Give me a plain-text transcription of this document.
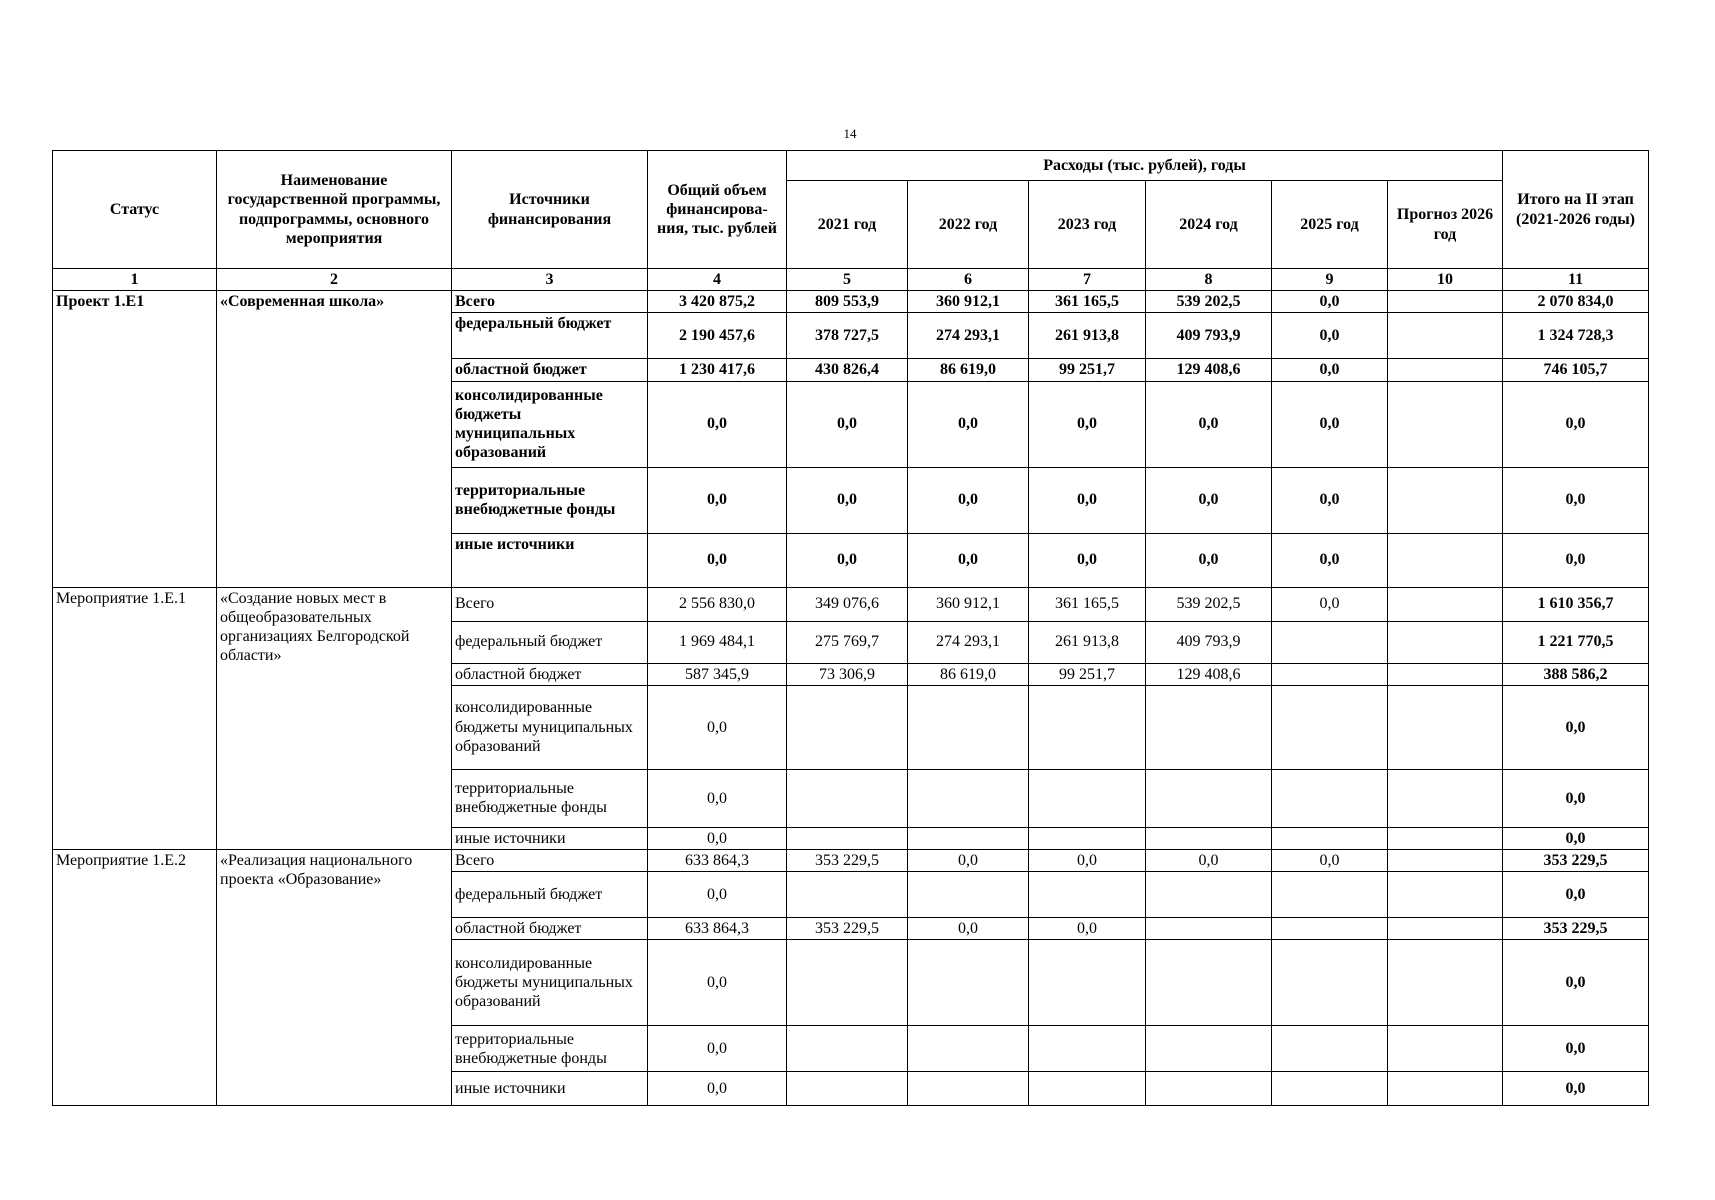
14
Статус	Наименование государственной программы, подпрограммы, основного мероприятия	Источники финансирования	Общий объем финансирова-ния, тыс. рублей	Расходы (тыс. рублей), годы						Итого на II этап (2021-2026 годы)
				2021 год	2022 год	2023 год	2024 год	2025 год	Прогноз 2026 год	
1	2	3	4	5	6	7	8	9	10	11
Проект 1.Е1	«Современная школа»	Всего	3 420 875,2	809 553,9	360 912,1	361 165,5	539 202,5	0,0		2 070 834,0
		федеральный бюджет	2 190 457,6	378 727,5	274 293,1	261 913,8	409 793,9	0,0		1 324 728,3
		областной бюджет	1 230 417,6	430 826,4	86 619,0	99 251,7	129 408,6	0,0		746 105,7
		консолидированные бюджеты муниципальных образований	0,0	0,0	0,0	0,0	0,0	0,0		0,0
		территориальные внебюджетные фонды	0,0	0,0	0,0	0,0	0,0	0,0		0,0
		иные источники	0,0	0,0	0,0	0,0	0,0	0,0		0,0
Мероприятие 1.Е.1	«Создание новых мест в общеобразовательных организациях Белгородской области»	Всего	2 556 830,0	349 076,6	360 912,1	361 165,5	539 202,5	0,0		1 610 356,7
		федеральный бюджет	1 969 484,1	275 769,7	274 293,1	261 913,8	409 793,9			1 221 770,5
		областной бюджет	587 345,9	73 306,9	86 619,0	99 251,7	129 408,6			388 586,2
		консолидированные бюджеты муниципальных образований	0,0							0,0
		территориальные внебюджетные фонды	0,0							0,0
		иные источники	0,0							0,0
Мероприятие 1.Е.2	«Реализация национального проекта «Образование»	Всего	633 864,3	353 229,5	0,0	0,0	0,0	0,0		353 229,5
		федеральный бюджет	0,0							0,0
		областной бюджет	633 864,3	353 229,5	0,0	0,0				353 229,5
		консолидированные бюджеты муниципальных образований	0,0							0,0
		территориальные внебюджетные фонды	0,0							0,0
		иные источники	0,0							0,0
